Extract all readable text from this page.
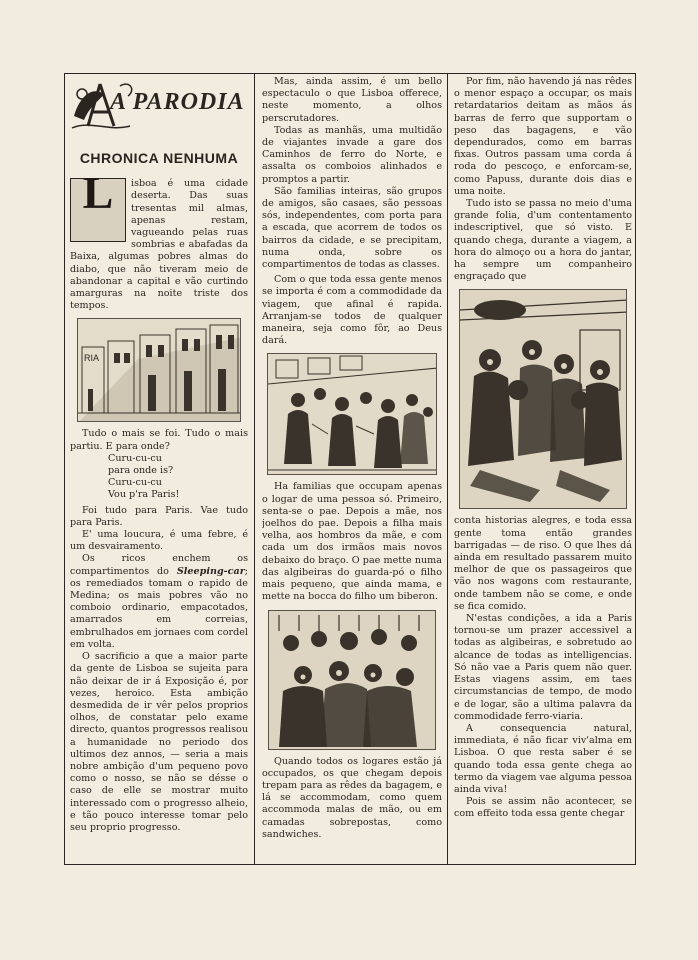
A PARODIA
CHRONICA NENHUMA
L	isboa é uma cidade deserta. Das suas tresentas mil almas, apenas restam, vagueando pelas ruas sombrias e abafadas da Baixa, algumas pobres almas do diabo, que não tiveram meio de abandonar a capital e vão curtindo amarguras na noite triste dos tempos.

RIA

Tudo o mais se foi. Tudo o mais partiu. E para onde?

Curu-cu-cu

para onde is?

Curu-cu-cu

Vou p'ra Paris!

Foi tudo para Paris. Vae tudo para Paris.

E' uma loucura, é uma febre, é um desvairamento.

Os ricos enchem os compartimentos do Sleeping-car; os remediados tomam o rapido de Medina; os mais pobres vão no comboio ordinario, empacotados, amarrados em correias, embrulhados em jornaes com cordel em volta.

O sacrificio a que a maior parte da gente de Lisboa se sujeita para não deixar de ir á Exposição é, por vezes, heroico. Esta ambição desmedida de ir vêr pelos proprios olhos, de constatar pelo exame directo, quantos progressos realisou a humanidade no periodo dos ultimos dez annos, — seria a mais nobre ambição d'um pequeno povo como o nosso, se não se désse o caso de elle se mostrar muito interessado com o progresso alheio, e tão pouco interesse tomar pelo seu proprio progresso.

Mas, ainda assim, é um bello espectaculo o que Lisboa offerece, neste momento, a olhos perscrutadores.

Todas as manhãs, uma multidão de viajantes invade a gare dos Caminhos de ferro do Norte, e assalta os comboios alinhados e promptos a partir.

São familias inteiras, são grupos de amigos, são casaes, são pessoas sós, independentes, com porta para a escada, que acorrem de todos os bairros da cidade, e se precipitam, numa onda, sobre os compartimentos de todas as classes.

Com o que toda essa gente menos se importa é com a commodidade da viagem, que afinal é rapida. Arranjam-se todos de qualquer maneira, seja como fôr, ao Deus dará.

Ha familias que occupam apenas o logar de uma pessoa só. Primeiro, senta-se o pae. Depois a mãe, nos joelhos do pae. Depois a filha mais velha, aos hombros da mãe, e com cada um dos irmãos mais novos debaixo do braço. O pae mette numa das algibeiras do guarda-pó o filho mais pequeno, que ainda mama, e mette na bocca do filho um biberon.

Quando todos os logares estão já occupados, os que chegam depois trepam para as rêdes da bagagem, e lá se accommodam, como quem accommoda malas de mão, ou em camadas sobrepostas, como sandwiches.

Por fim, não havendo já nas rêdes o menor espaço a occupar, os mais retardatarios deitam as mãos ás barras de ferro que supportam o peso das bagagens, e vão dependurados, como em barras fixas. Outros passam uma corda á roda do pescoço, e enforcam-se, como Papuss, durante dois dias e uma noite.

Tudo isto se passa no meio d'uma grande folia, d'um contentamento indescriptivel, que só visto. E quando chega, durante a viagem, a hora do almoço ou a hora do jantar, ha sempre um companheiro engraçado que

conta historias alegres, e toda essa gente toma então grandes barrigadas — de riso. O que lhes dá ainda em resultado passarem muito melhor de que os passageiros que vão nos wagons com restaurante, onde tambem não se come, e onde se fica comido.

N'estas condições, a ida a Paris tornou-se um prazer accessivel a todas as algibeiras, e sobretudo ao alcance de todas as intelligencias. Só não vae a Paris quem não quer. Estas viagens assim, em taes circumstancias de tempo, de modo e de logar, são a ultima palavra da commodidade ferro-viaria.

A consequencia natural, immediata, é não ficar viv'alma em Lisboa. O que resta saber é se quando toda essa gente chega ao termo da viagem vae alguma pessoa ainda viva!

Pois se assim não acontecer, se com effeito toda essa gente chegar
